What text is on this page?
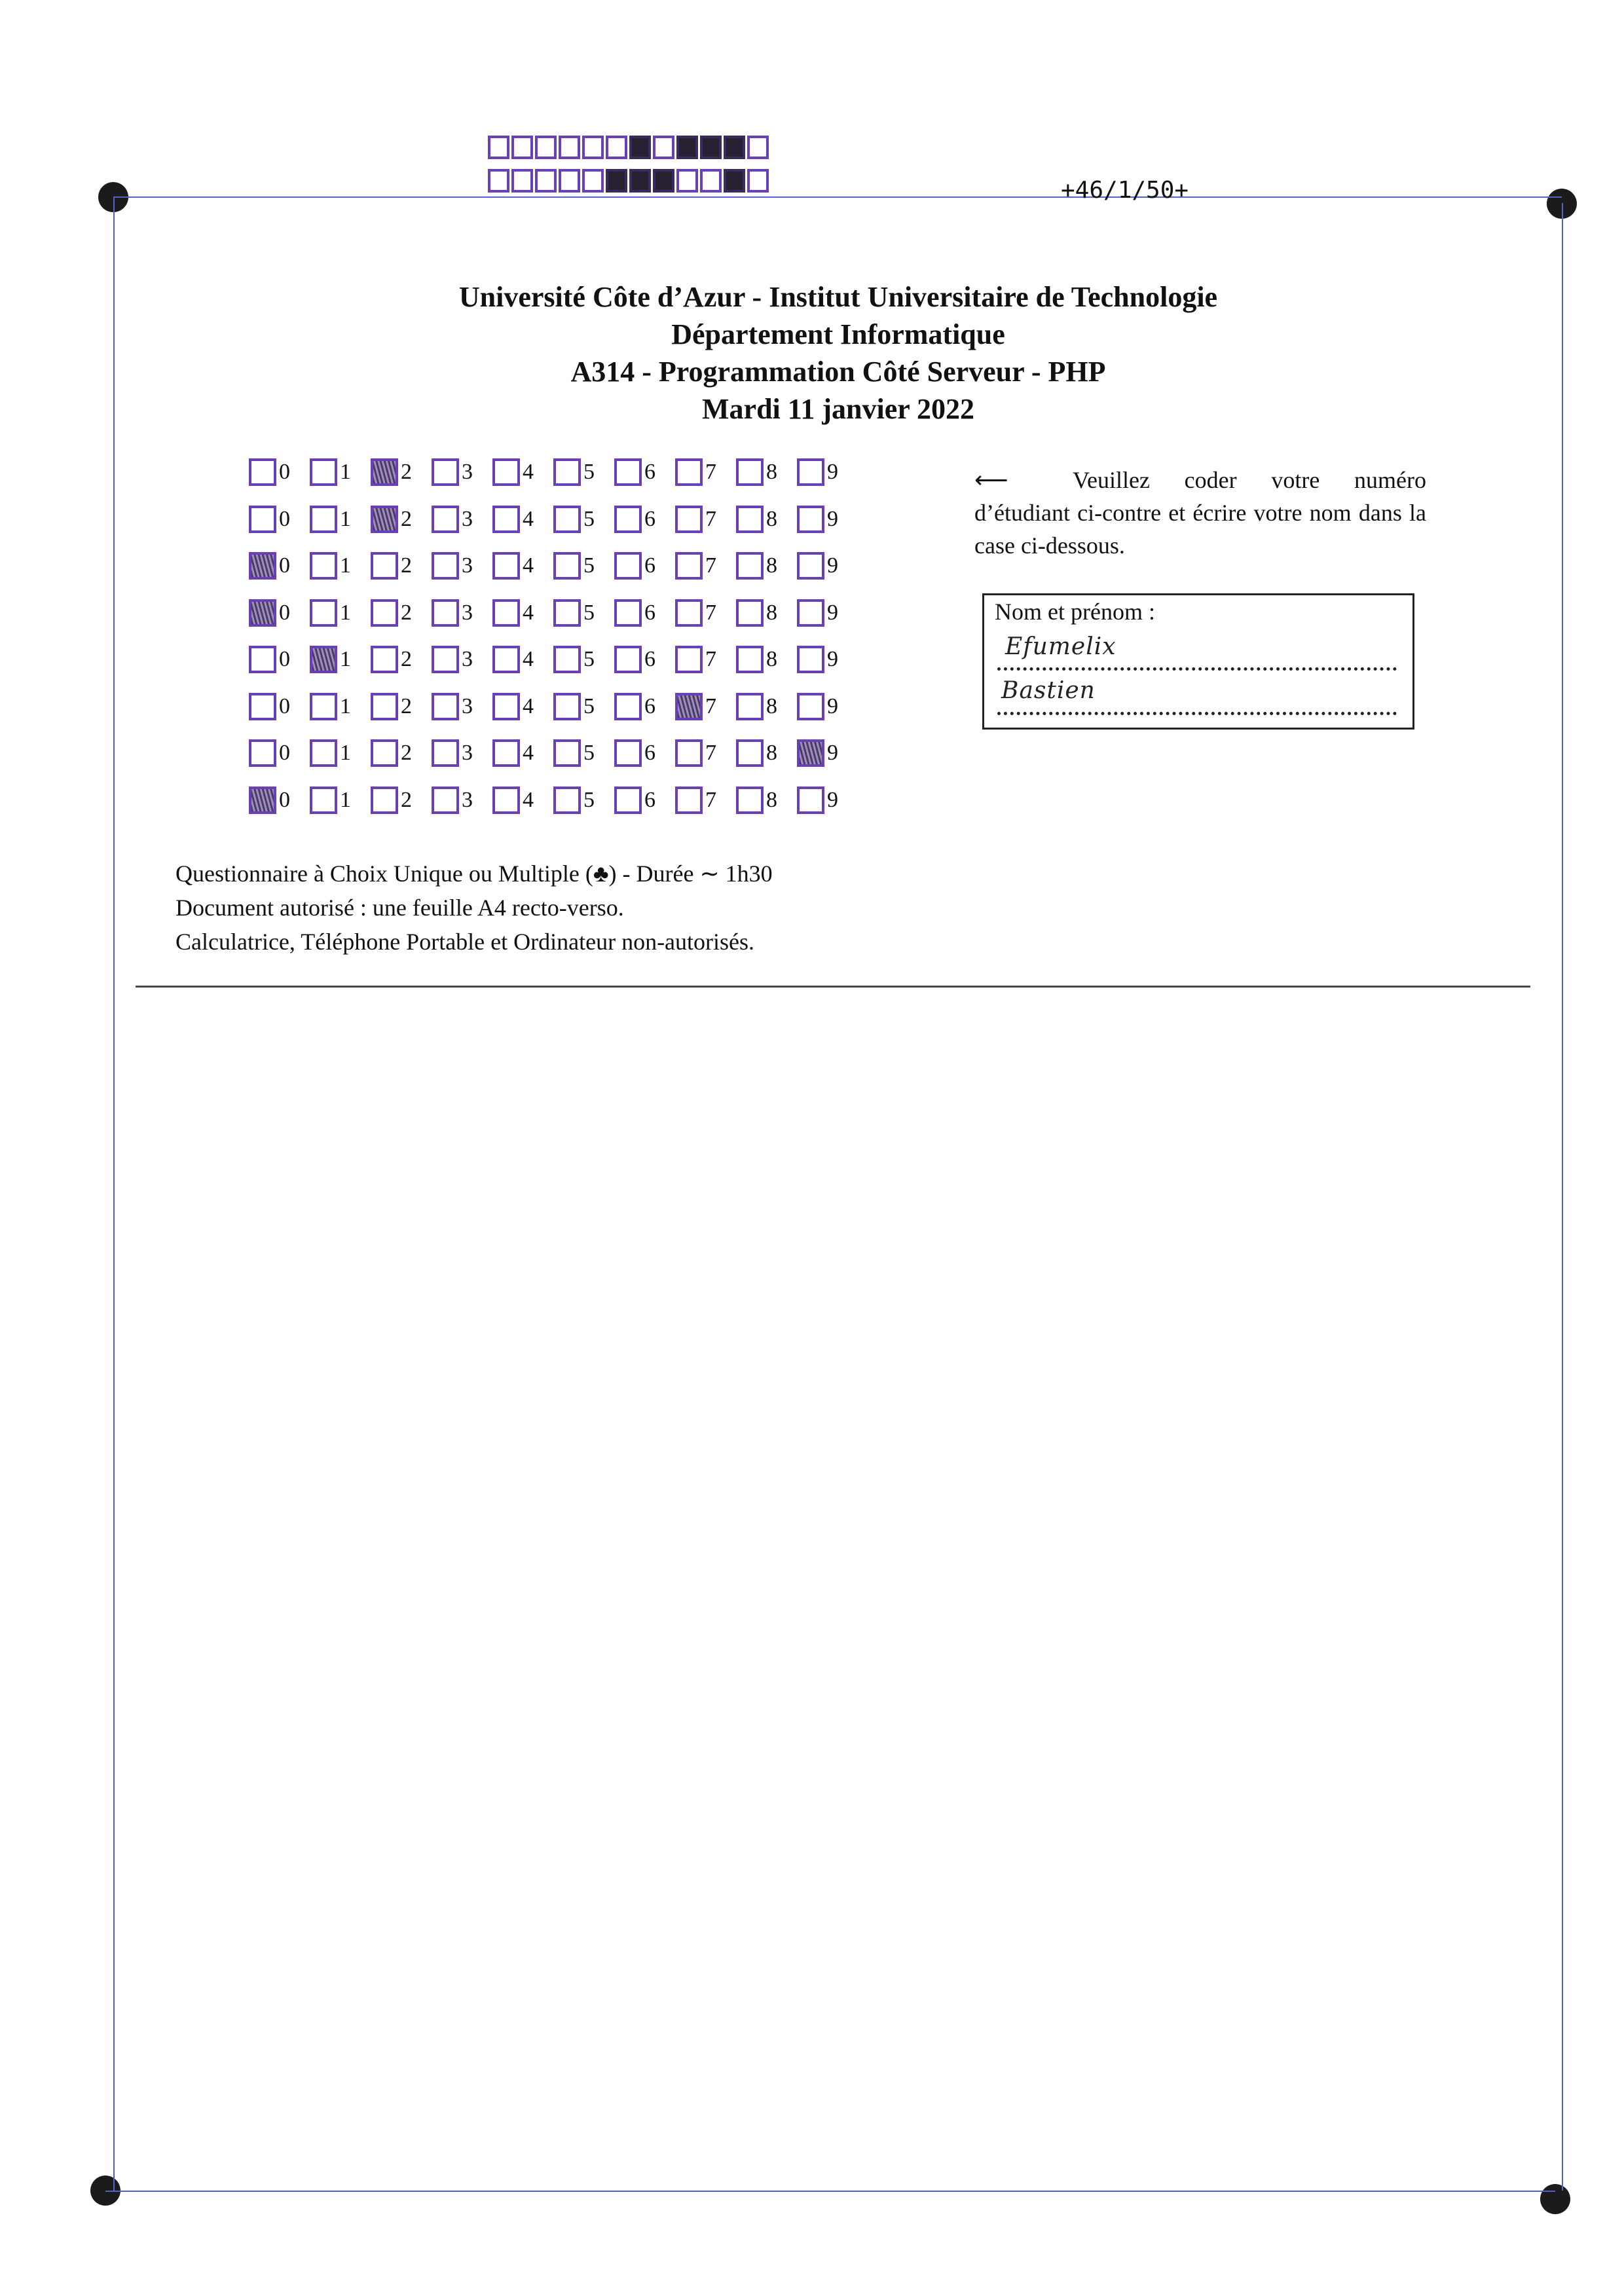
+46/1/50+
Université Côte d’Azur - Institut Universitaire de Technologie
Département Informatique
A314 - Programmation Côté Serveur - PHP
Mardi 11 janvier 2022
0 1 2 3 4 5 6 7 8 9
0 1 2 3 4 5 6 7 8 9
0 1 2 3 4 5 6 7 8 9
0 1 2 3 4 5 6 7 8 9
0 1 2 3 4 5 6 7 8 9
0 1 2 3 4 5 6 7 8 9
0 1 2 3 4 5 6 7 8 9
0 1 2 3 4 5 6 7 8 9
⟵	Veuillez coder votre numéro d’étudiant ci-contre et écrire votre nom dans la case ci-dessous.
Nom et prénom :
Efumelix
Bastien
Questionnaire à Choix Unique ou Multiple (♣) - Durée ∼ 1h30
Document autorisé : une feuille A4 recto-verso.
Calculatrice, Téléphone Portable et Ordinateur non-autorisés.
